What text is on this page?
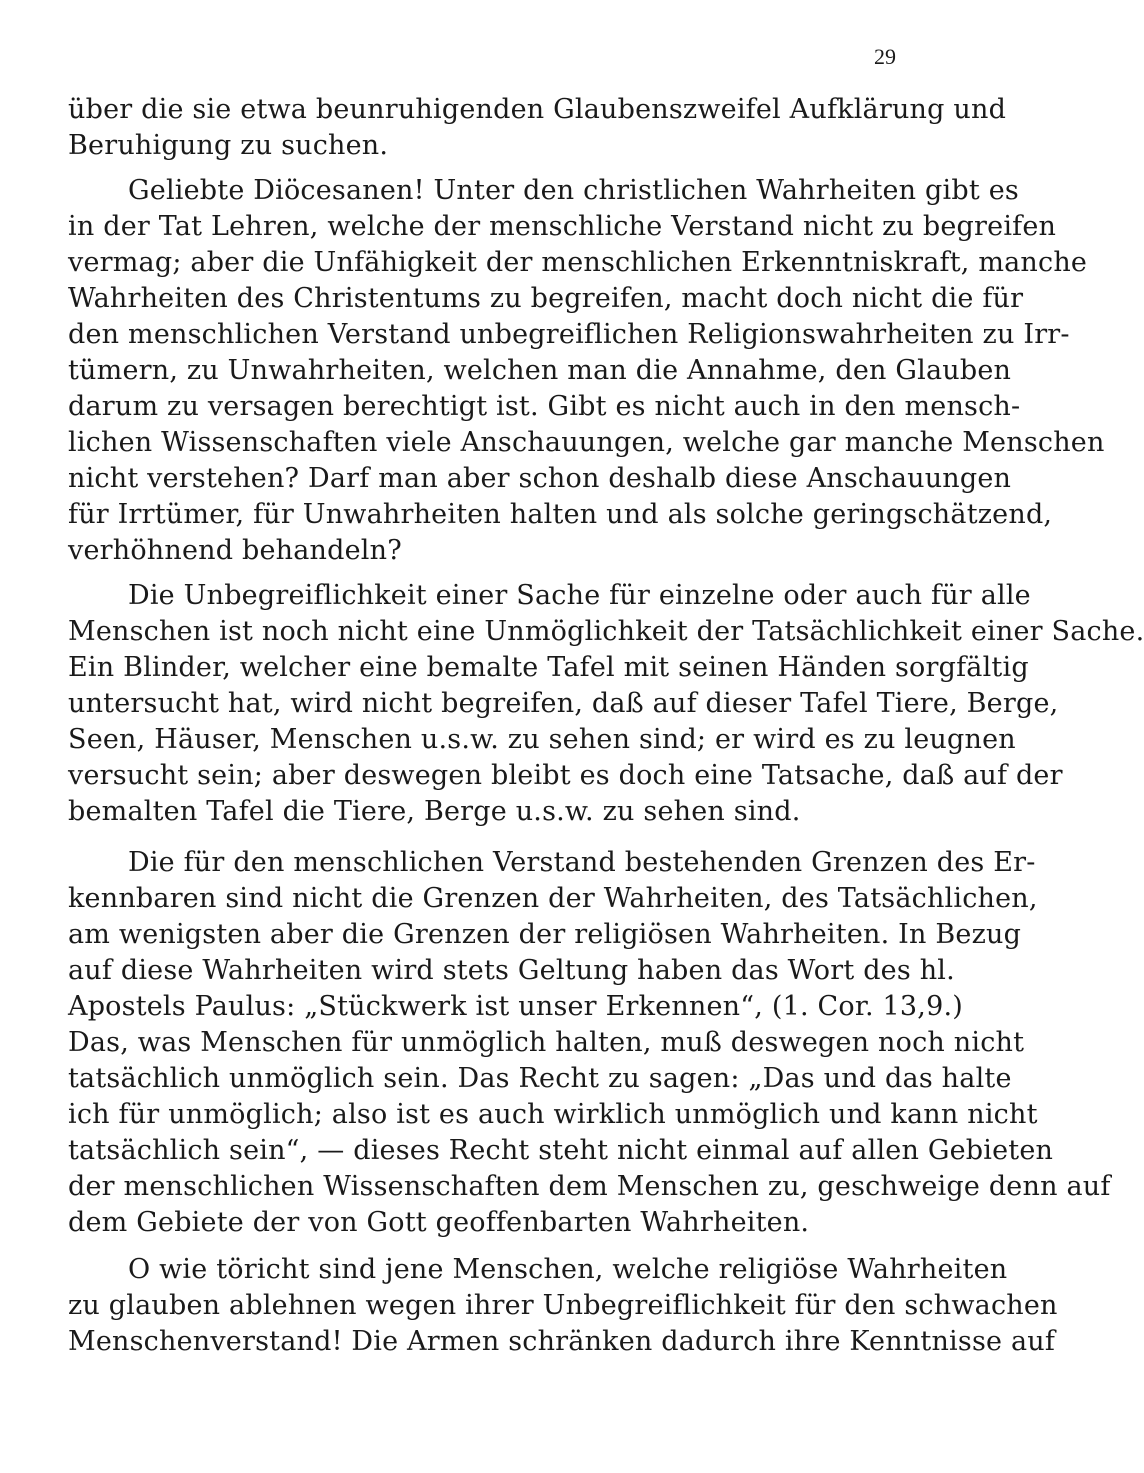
29
über die sie etwa beunruhigenden Glaubenszweifel Aufklärung und
Beruhigung zu suchen.
Geliebte Diöcesanen! Unter den christlichen Wahrheiten gibt es
in der Tat Lehren, welche der menschliche Verstand nicht zu begreifen
vermag; aber die Unfähigkeit der menschlichen Erkenntniskraft, manche
Wahrheiten des Christentums zu begreifen, macht doch nicht die für
den menschlichen Verstand unbegreiflichen Religionswahrheiten zu Irr-
tümern, zu Unwahrheiten, welchen man die Annahme, den Glauben
darum zu versagen berechtigt ist. Gibt es nicht auch in den mensch-
lichen Wissenschaften viele Anschauungen, welche gar manche Menschen
nicht verstehen? Darf man aber schon deshalb diese Anschauungen
für Irrtümer, für Unwahrheiten halten und als solche geringschätzend,
verhöhnend behandeln?
Die Unbegreiflichkeit einer Sache für einzelne oder auch für alle
Menschen ist noch nicht eine Unmöglichkeit der Tatsächlichkeit einer Sache.
Ein Blinder, welcher eine bemalte Tafel mit seinen Händen sorgfältig
untersucht hat, wird nicht begreifen, daß auf dieser Tafel Tiere, Berge,
Seen, Häuser, Menschen u.s.w. zu sehen sind; er wird es zu leugnen
versucht sein; aber deswegen bleibt es doch eine Tatsache, daß auf der
bemalten Tafel die Tiere, Berge u.s.w. zu sehen sind.
Die für den menschlichen Verstand bestehenden Grenzen des Er-
kennbaren sind nicht die Grenzen der Wahrheiten, des Tatsächlichen,
am wenigsten aber die Grenzen der religiösen Wahrheiten. In Bezug
auf diese Wahrheiten wird stets Geltung haben das Wort des hl.
Apostels Paulus: „Stückwerk ist unser Erkennen“, (1. Cor. 13,9.)
Das, was Menschen für unmöglich halten, muß deswegen noch nicht
tatsächlich unmöglich sein. Das Recht zu sagen: „Das und das halte
ich für unmöglich; also ist es auch wirklich unmöglich und kann nicht
tatsächlich sein“, — dieses Recht steht nicht einmal auf allen Gebieten
der menschlichen Wissenschaften dem Menschen zu, geschweige denn auf
dem Gebiete der von Gott geoffenbarten Wahrheiten.
O wie töricht sind jene Menschen, welche religiöse Wahrheiten
zu glauben ablehnen wegen ihrer Unbegreiflichkeit für den schwachen
Menschenverstand! Die Armen schränken dadurch ihre Kenntnisse auf
